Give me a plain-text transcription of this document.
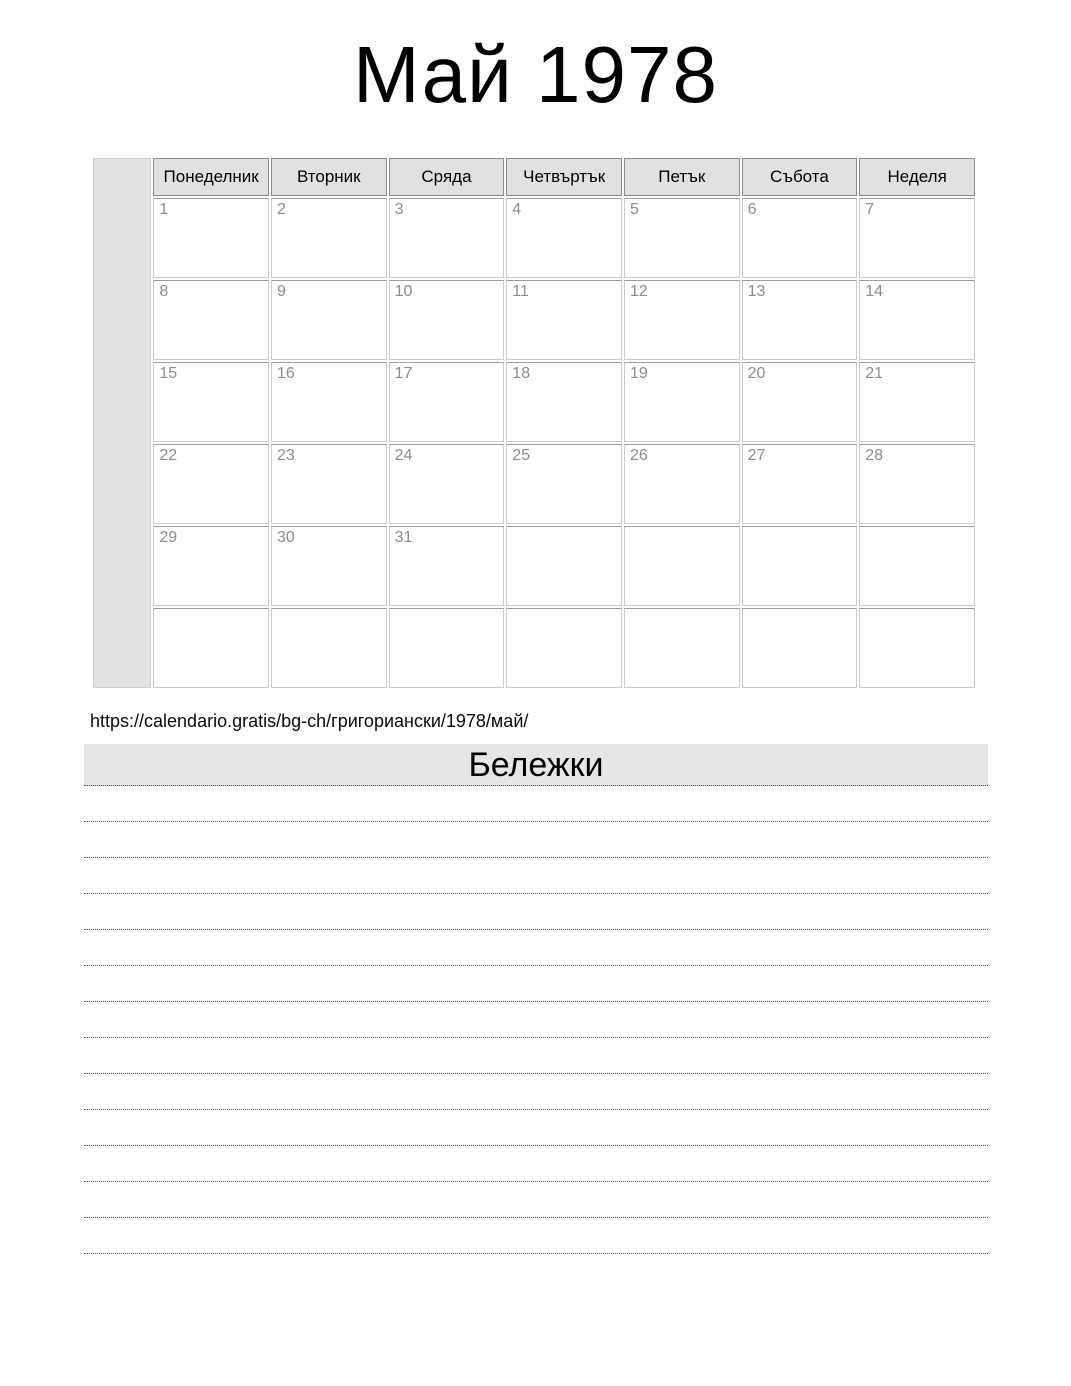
Май 1978
	Понеделник	Вторник	Сряда	Четвъртък	Петък	Събота	Неделя
	1	2	3	4	5	6	7
	8	9	10	11	12	13	14
	15	16	17	18	19	20	21
	22	23	24	25	26	27	28
	29	30	31				

https://calendario.gratis/bg-ch/григориански/1978/май/
Бележки
